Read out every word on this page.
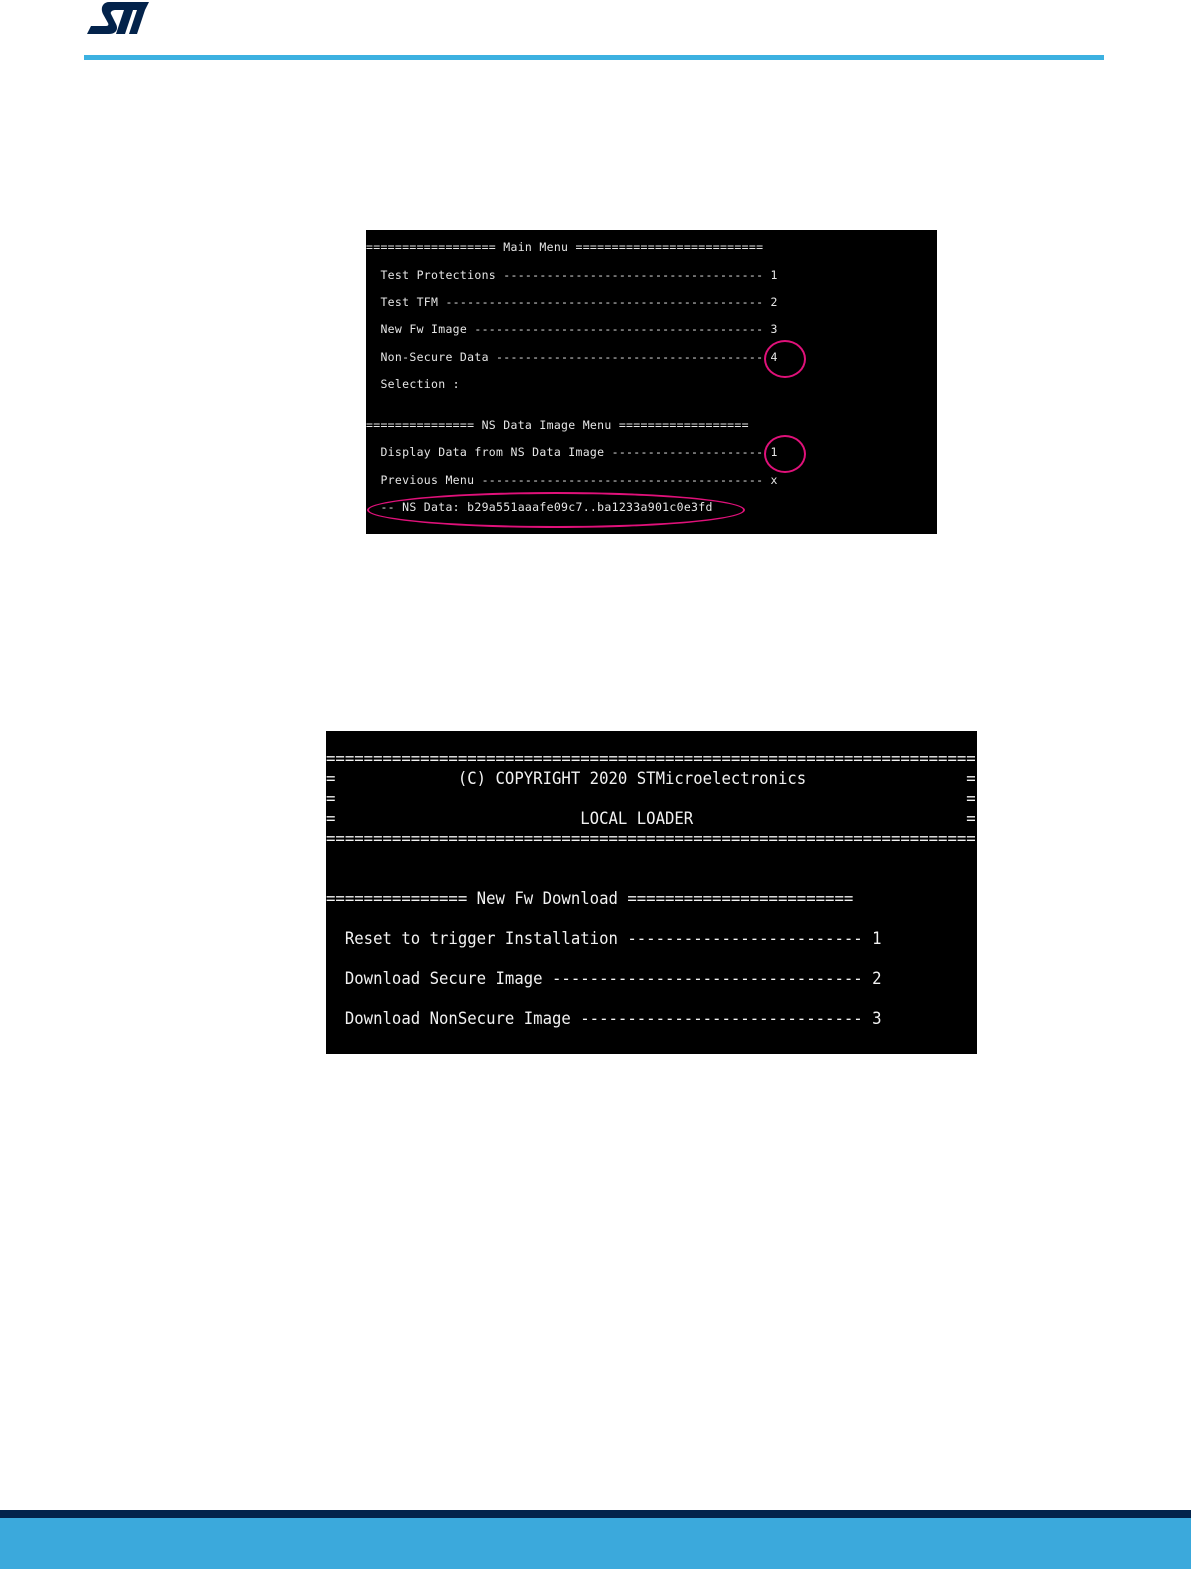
================== Main Menu ==========================
Test Protections ------------------------------------ 1
Test TFM -------------------------------------------- 2
New Fw Image ---------------------------------------- 3
Non-Secure Data ------------------------------------- 4
Selection :
=============== NS Data Image Menu ==================
Display Data from NS Data Image --------------------- 1
Previous Menu --------------------------------------- x
-- NS Data: b29a551aaafe09c7..ba1233a901c0e3fd
=====================================================================
=             (C) COPYRIGHT 2020 STMicroelectronics                 =
=                                                                   =
=                          LOCAL LOADER                             =
=====================================================================
=============== New Fw Download ========================
Reset to trigger Installation ------------------------- 1
Download Secure Image --------------------------------- 2
Download NonSecure Image ------------------------------ 3
